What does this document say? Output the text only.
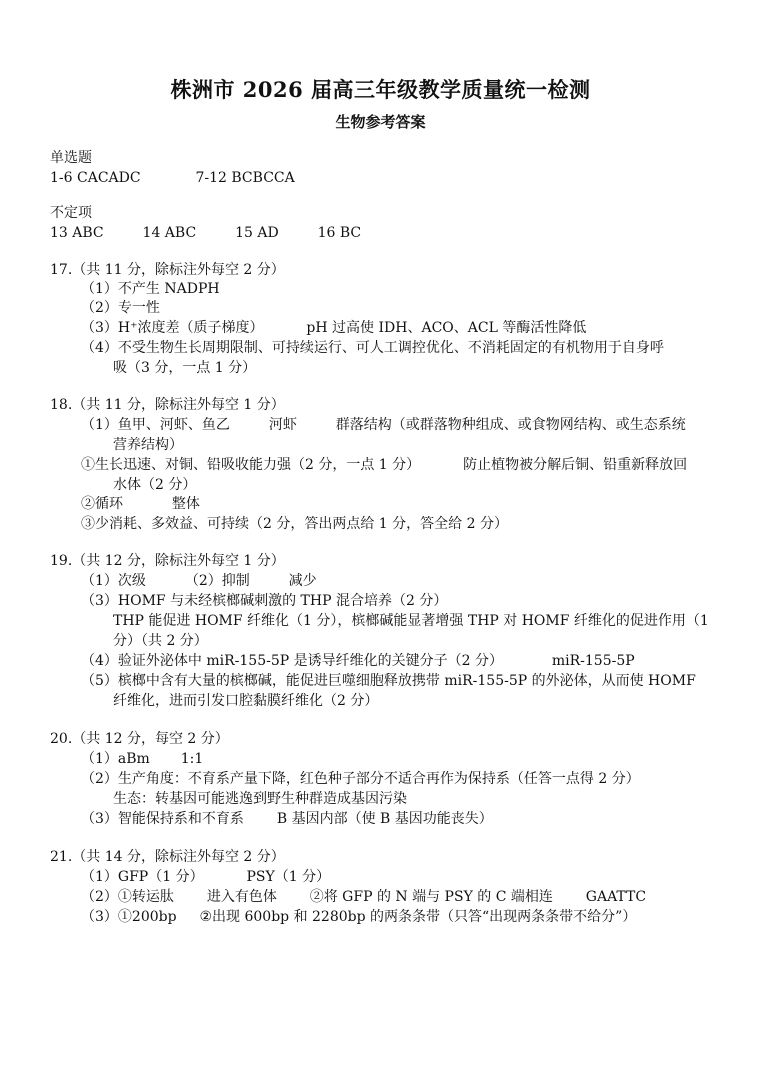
株洲市 2026 届高三年级教学质量统一检测
生物参考答案
单选题
1-6 CACADC	7-12 BCBCCA
不定项
13 ABC	14 ABC	15 AD	16 BC
17.（共 11 分，除标注外每空 2 分）
（1）不产生 NADPH
（2）专一性
（3）H⁺浓度差（质子梯度）	pH 过高使 IDH、ACO、ACL 等酶活性降低
（4）不受生物生长周期限制、可持续运行、可人工调控优化、不消耗固定的有机物用于自身呼
吸（3 分，一点 1 分）
18.（共 11 分，除标注外每空 1 分）
（1）鱼甲、河虾、鱼乙	河虾	群落结构（或群落物种组成、或食物网结构、或生态系统
营养结构）
①生长迅速、对铜、铅吸收能力强（2 分，一点 1 分）	防止植物被分解后铜、铅重新释放回
水体（2 分）
②循环	整体
③少消耗、多效益、可持续（2 分，答出两点给 1 分，答全给 2 分）
19.（共 12 分，除标注外每空 1 分）
（1）次级	（2）抑制	减少
（3）HOMF 与未经槟榔碱刺激的 THP 混合培养（2 分）
THP 能促进 HOMF 纤维化（1 分），槟榔碱能显著增强 THP 对 HOMF 纤维化的促进作用（1
分）（共 2 分）
（4）验证外泌体中 miR-155-5P 是诱导纤维化的关键分子（2 分）	miR-155-5P
（5）槟榔中含有大量的槟榔碱，能促进巨噬细胞释放携带 miR-155-5P 的外泌体，从而使 HOMF
纤维化，进而引发口腔黏膜纤维化（2 分）
20.（共 12 分，每空 2 分）
（1）aBm 1:1
（2）生产角度：不育系产量下降，红色种子部分不适合再作为保持系（任答一点得 2 分）
生态：转基因可能逃逸到野生种群造成基因污染
（3）智能保持系和不育系 B 基因内部（使 B 基因功能丧失）
21.（共 14 分，除标注外每空 2 分）
（1）GFP（1 分）	PSY（1 分）
（2）①转运肽 进入有色体 ②将 GFP 的 N 端与 PSY 的 C 端相连 GAATTC
（3）①200bp ②出现 600bp 和 2280bp 的两条条带（只答“出现两条条带不给分”）
